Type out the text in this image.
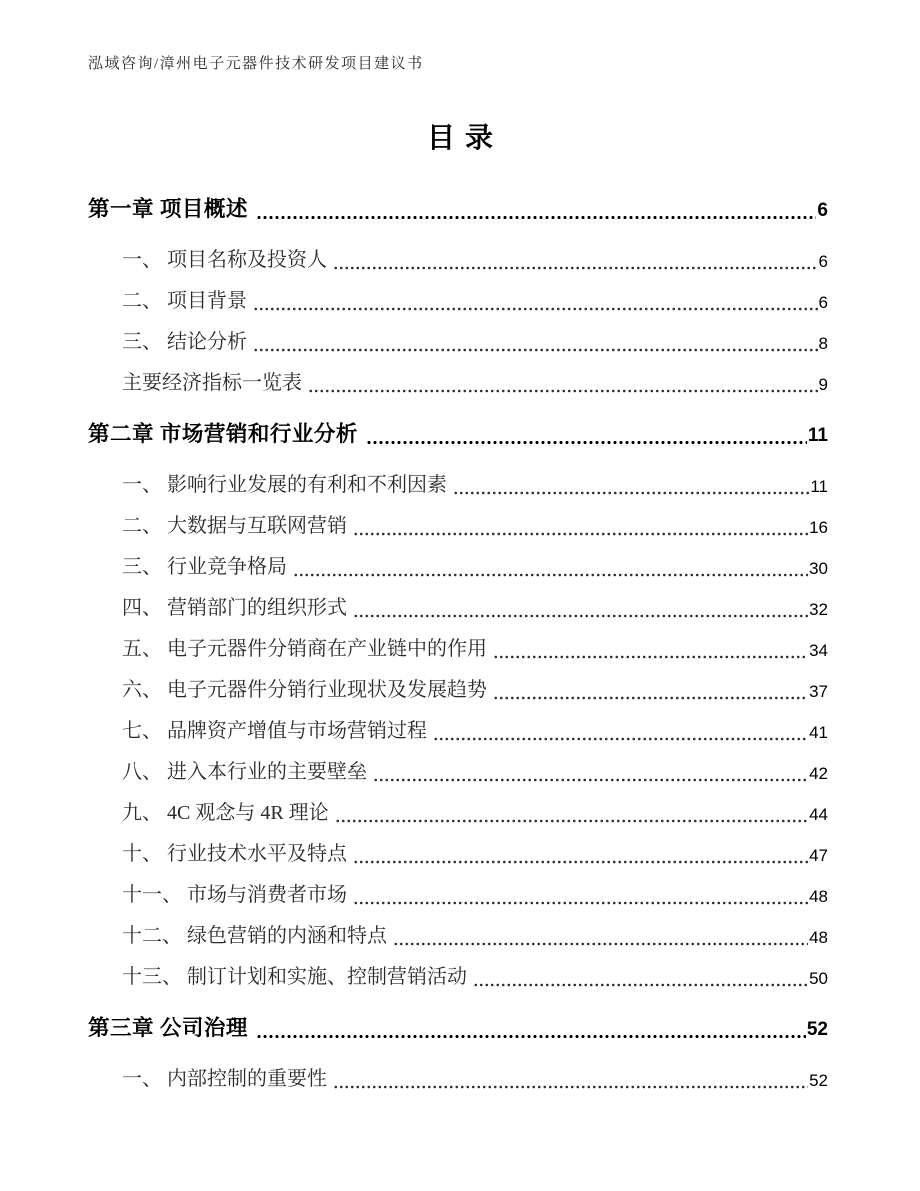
泓域咨询/漳州电子元器件技术研发项目建议书
目录
第一章 项目概述	6
一、 项目名称及投资人	6
二、 项目背景	6
三、 结论分析	8
主要经济指标一览表	9
第二章 市场营销和行业分析	11
一、 影响行业发展的有利和不利因素	11
二、 大数据与互联网营销	16
三、 行业竞争格局	30
四、 营销部门的组织形式	32
五、 电子元器件分销商在产业链中的作用	34
六、 电子元器件分销行业现状及发展趋势	37
七、 品牌资产增值与市场营销过程	41
八、 进入本行业的主要壁垒	42
九、 4C 观念与 4R 理论	44
十、 行业技术水平及特点	47
十一、 市场与消费者市场	48
十二、 绿色营销的内涵和特点	48
十三、 制订计划和实施、控制营销活动	50
第三章 公司治理	52
一、 内部控制的重要性	52
